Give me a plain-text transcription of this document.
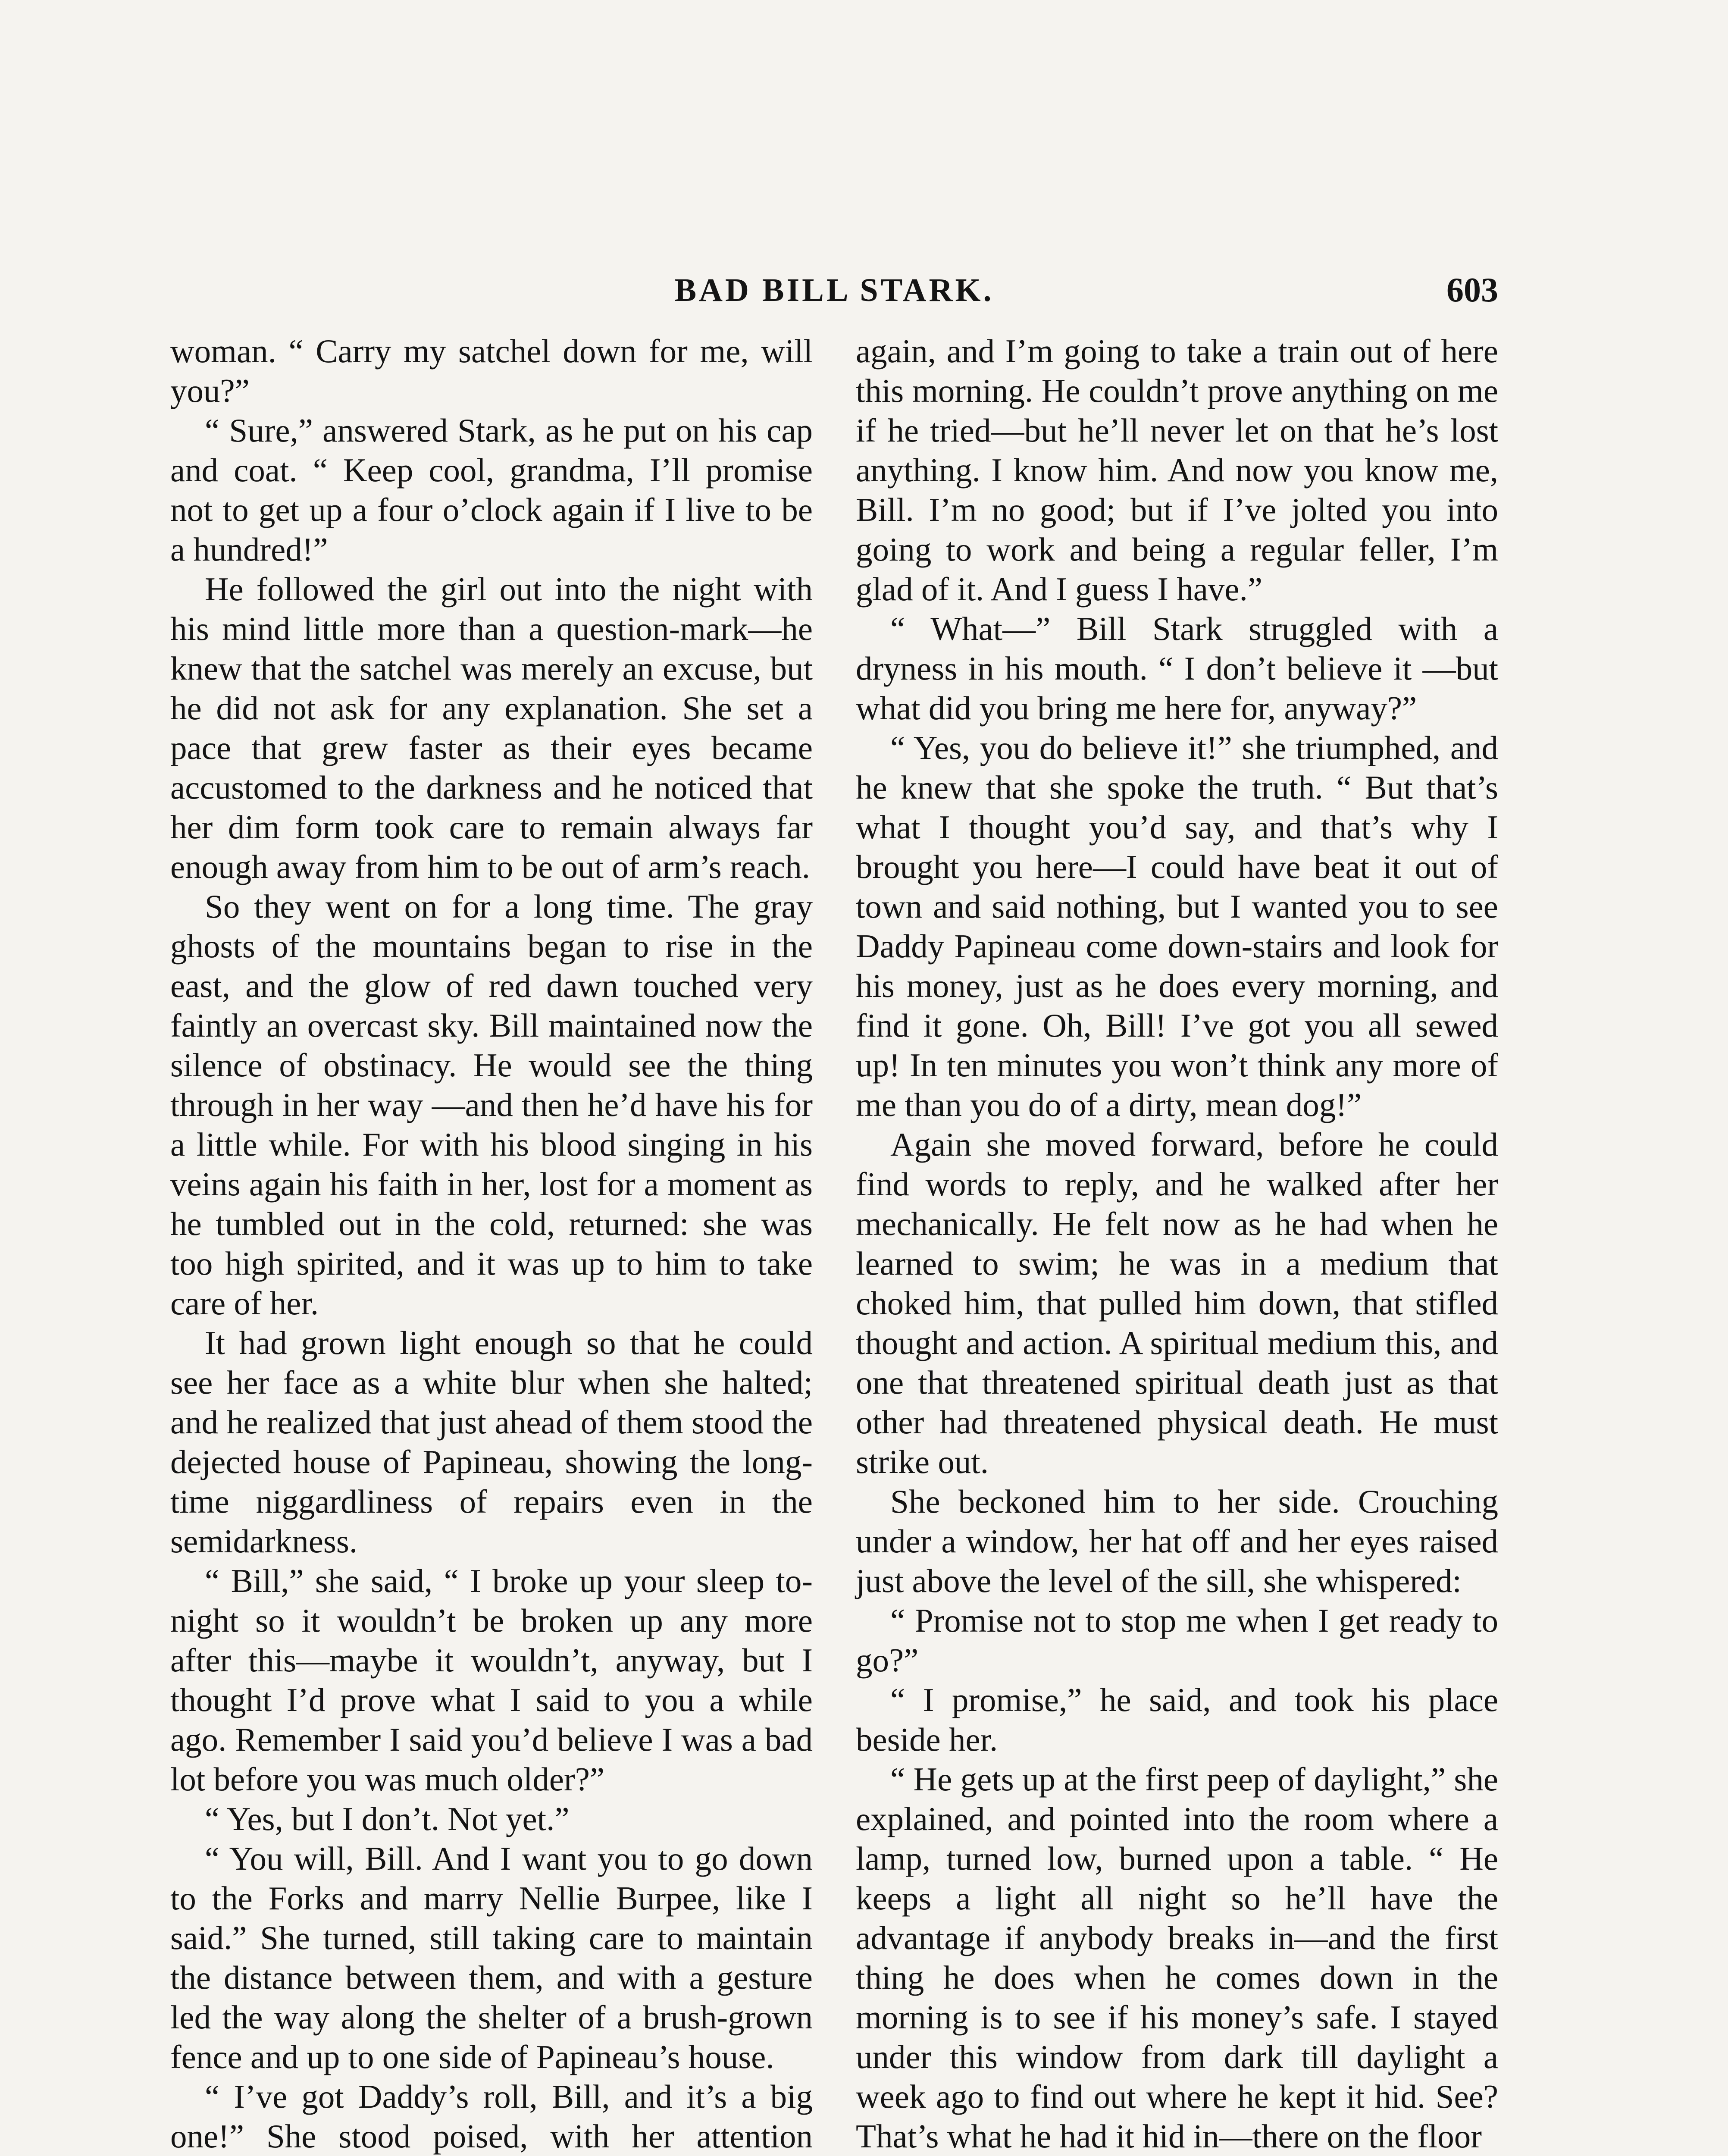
BAD BILL STARK.	603

woman. “ Carry my satchel down for me, will you?”

“ Sure,” answered Stark, as he put on his cap and coat. “ Keep cool, grandma, I’ll promise not to get up a four o’clock again if I live to be a hundred!”

He followed the girl out into the night with his mind little more than a question-mark—he knew that the satchel was merely an excuse, but he did not ask for any explanation. She set a pace that grew faster as their eyes became accustomed to the darkness and he noticed that her dim form took care to remain always far enough away from him to be out of arm’s reach.

So they went on for a long time. The gray ghosts of the mountains began to rise in the east, and the glow of red dawn touched very faintly an overcast sky. Bill maintained now the silence of obstinacy. He would see the thing through in her way —and then he’d have his for a little while. For with his blood singing in his veins again his faith in her, lost for a moment as he tumbled out in the cold, returned: she was too high spirited, and it was up to him to take care of her.

It had grown light enough so that he could see her face as a white blur when she halted; and he realized that just ahead of them stood the dejected house of Papineau, showing the long-time niggardliness of repairs even in the semidarkness.

“ Bill,” she said, “ I broke up your sleep to-night so it wouldn’t be broken up any more after this—maybe it wouldn’t, anyway, but I thought I’d prove what I said to you a while ago. Remember I said you’d believe I was a bad lot before you was much older?”

“ Yes, but I don’t. Not yet.”

“ You will, Bill. And I want you to go down to the Forks and marry Nellie Burpee, like I said.” She turned, still taking care to maintain the distance between them, and with a gesture led the way along the shelter of a brush-grown fence and up to one side of Papineau’s house.

“ I’ve got Daddy’s roll, Bill, and it’s a big one!” She stood poised, with her attention

again, and I’m going to take a train out of here this morning. He couldn’t prove anything on me if he tried—but he’ll never let on that he’s lost anything. I know him. And now you know me, Bill. I’m no good; but if I’ve jolted you into going to work and being a regular feller, I’m glad of it. And I guess I have.”

“ What—” Bill Stark struggled with a dryness in his mouth. “ I don’t believe it —but what did you bring me here for, anyway?”

“ Yes, you do believe it!” she triumphed, and he knew that she spoke the truth. “ But that’s what I thought you’d say, and that’s why I brought you here—I could have beat it out of town and said nothing, but I wanted you to see Daddy Papineau come down-stairs and look for his money, just as he does every morning, and find it gone. Oh, Bill! I’ve got you all sewed up! In ten minutes you won’t think any more of me than you do of a dirty, mean dog!”

Again she moved forward, before he could find words to reply, and he walked after her mechanically. He felt now as he had when he learned to swim; he was in a medium that choked him, that pulled him down, that stifled thought and action. A spiritual medium this, and one that threatened spiritual death just as that other had threatened physical death. He must strike out.

She beckoned him to her side. Crouching under a window, her hat off and her eyes raised just above the level of the sill, she whispered:

“ Promise not to stop me when I get ready to go?”

“ I promise,” he said, and took his place beside her.

“ He gets up at the first peep of daylight,” she explained, and pointed into the room where a lamp, turned low, burned upon a table. “ He keeps a light all night so he’ll have the advantage if anybody breaks in—and the first thing he does when he comes down in the morning is to see if his money’s safe. I stayed under this window from dark till daylight a week ago to find out where he kept it hid. See? That’s what he had it hid in—there on the floor
